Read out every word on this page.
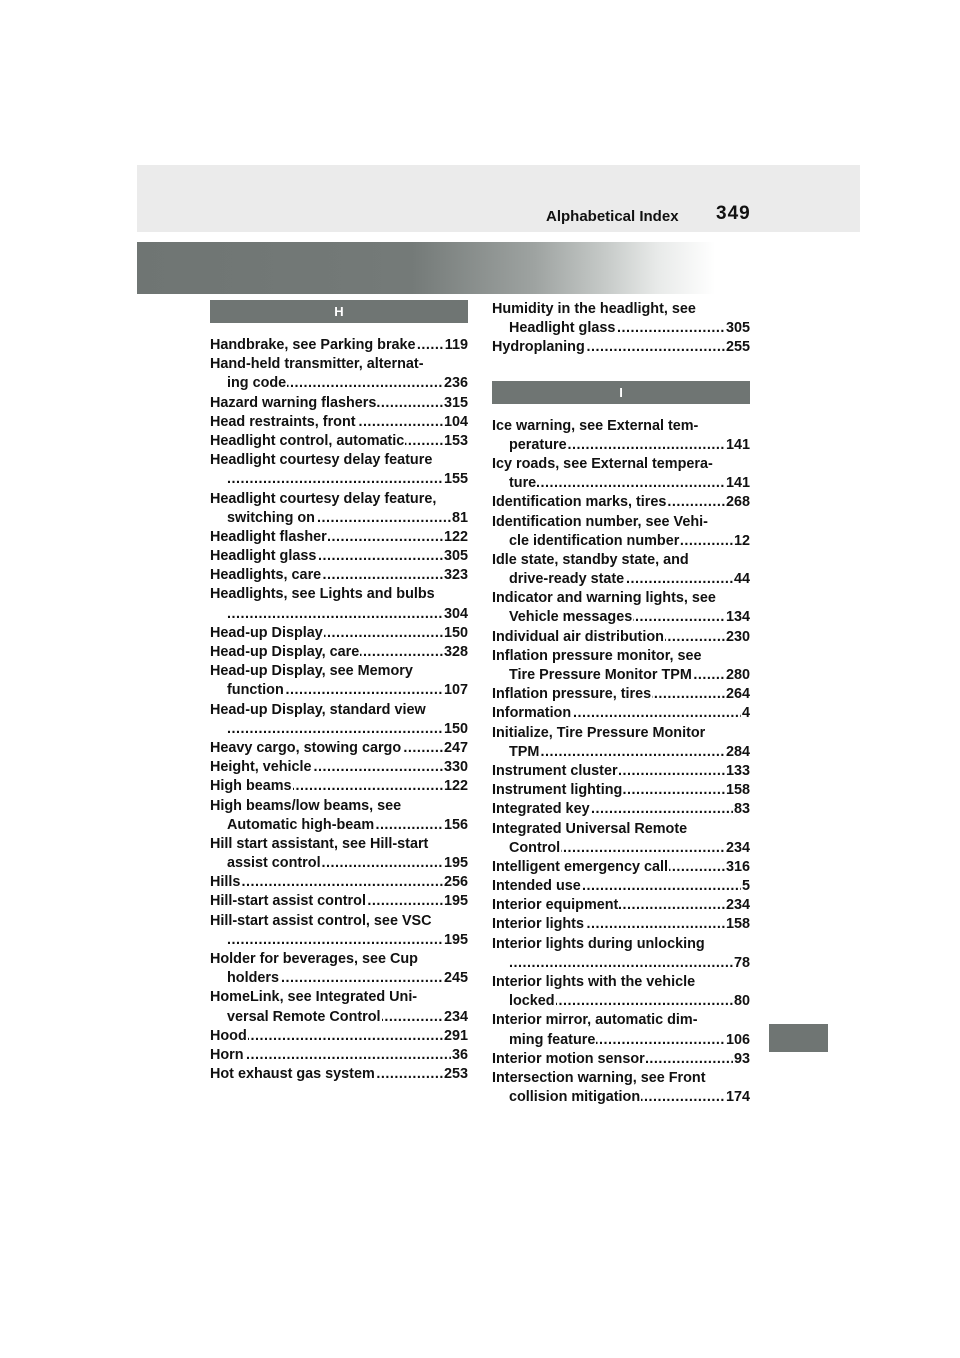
Alphabetical Index 349
H
..... Handbrake, see Parking brake 119
Hand-held transmitter, alternat-
..... ing code	236
..... Hazard warning flashers	315
..... Head restraints, front	104
..... Headlight control, automatic	153
Headlight courtesy delay feature
..... 155
Headlight courtesy delay feature,
..... switching on	81
..... Headlight flasher	122
..... Headlight glass	305
..... Headlights, care	323
Headlights, see Lights and bulbs
..... 304
..... Head-up Display	150
..... Head-up Display, care	328
Head-up Display, see Memory
..... function	107
Head-up Display, standard view
..... 150
..... Heavy cargo, stowing cargo	247
..... Height, vehicle	330
..... High beams	122
High beams/low beams, see
..... Automatic high-beam	156
Hill start assistant, see Hill-start
..... assist control	195
..... Hills	256
..... Hill-start assist control	195
Hill-start assist control, see VSC
..... 195
Holder for beverages, see Cup
..... holders	245
HomeLink, see Integrated Uni-
..... versal Remote Control	234
..... Hood	291
..... Horn	36
..... Hot exhaust gas system	253
Humidity in the headlight, see
..... Headlight glass	305
..... Hydroplaning	255
I
Ice warning, see External tem-
..... perature	141
Icy roads, see External tempera-
..... ture	141
..... Identification marks, tires	268
Identification number, see Vehi-
..... cle identification number	12
Idle state, standby state, and
..... drive-ready state	44
Indicator and warning lights, see
..... Vehicle messages	134
..... Individual air distribution	230
Inflation pressure monitor, see
..... Tire Pressure Monitor TPM 280
..... Inflation pressure, tires	264
..... Information	4
Initialize, Tire Pressure Monitor
..... TPM	284
..... Instrument cluster	133
..... Instrument lighting	158
..... Integrated key	83
Integrated Universal Remote
..... Control	234
..... Intelligent emergency call	316
..... Intended use	5
..... Interior equipment	234
..... Interior lights	158
Interior lights during unlocking
..... 78
Interior lights with the vehicle
..... locked	80
Interior mirror, automatic dim-
..... ming feature	106
..... Interior motion sensor	93
Intersection warning, see Front
..... collision mitigation	174
